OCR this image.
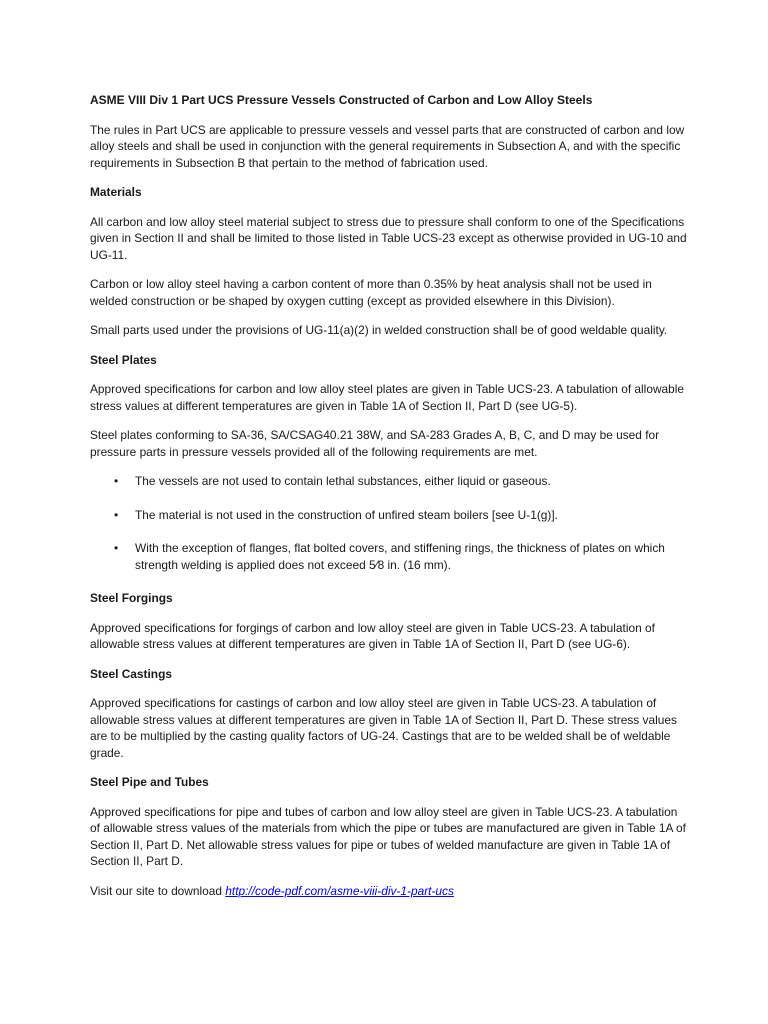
ASME VIII Div 1 Part UCS Pressure Vessels Constructed of Carbon and Low Alloy Steels

The rules in Part UCS are applicable to pressure vessels and vessel parts that are constructed of carbon and low alloy steels and shall be used in conjunction with the general requirements in Subsection A, and with the specific requirements in Subsection B that pertain to the method of fabrication used.

Materials

All carbon and low alloy steel material subject to stress due to pressure shall conform to one of the Specifications given in Section II and shall be limited to those listed in Table UCS-23 except as otherwise provided in UG-10 and UG-11.

Carbon or low alloy steel having a carbon content of more than 0.35% by heat analysis shall not be used in welded construction or be shaped by oxygen cutting (except as provided elsewhere in this Division).

Small parts used under the provisions of UG-11(a)(2) in welded construction shall be of good weldable quality.

Steel Plates

Approved specifications for carbon and low alloy steel plates are given in Table UCS-23. A tabulation of allowable stress values at different temperatures are given in Table 1A of Section II, Part D (see UG-5).

Steel plates conforming to SA-36, SA/CSAG40.21 38W, and SA-283 Grades A, B, C, and D may be used for pressure parts in pressure vessels provided all of the following requirements are met.

• The vessels are not used to contain lethal substances, either liquid or gaseous.
• The material is not used in the construction of unfired steam boilers [see U-1(g)].
• With the exception of flanges, flat bolted covers, and stiffening rings, the thickness of plates on which strength welding is applied does not exceed 5⁄8 in. (16 mm).
Steel Forgings

Approved specifications for forgings of carbon and low alloy steel are given in Table UCS-23. A tabulation of allowable stress values at different temperatures are given in Table 1A of Section II, Part D (see UG-6).

Steel Castings

Approved specifications for castings of carbon and low alloy steel are given in Table UCS-23. A tabulation of allowable stress values at different temperatures are given in Table 1A of Section II, Part D. These stress values are to be multiplied by the casting quality factors of UG-24. Castings that are to be welded shall be of weldable grade.

Steel Pipe and Tubes

Approved specifications for pipe and tubes of carbon and low alloy steel are given in Table UCS-23. A tabulation of allowable stress values of the materials from which the pipe or tubes are manufactured are given in Table 1A of Section II, Part D. Net allowable stress values for pipe or tubes of welded manufacture are given in Table 1A of Section II, Part D.

Visit our site to download http://code-pdf.com/asme-viii-div-1-part-ucs
